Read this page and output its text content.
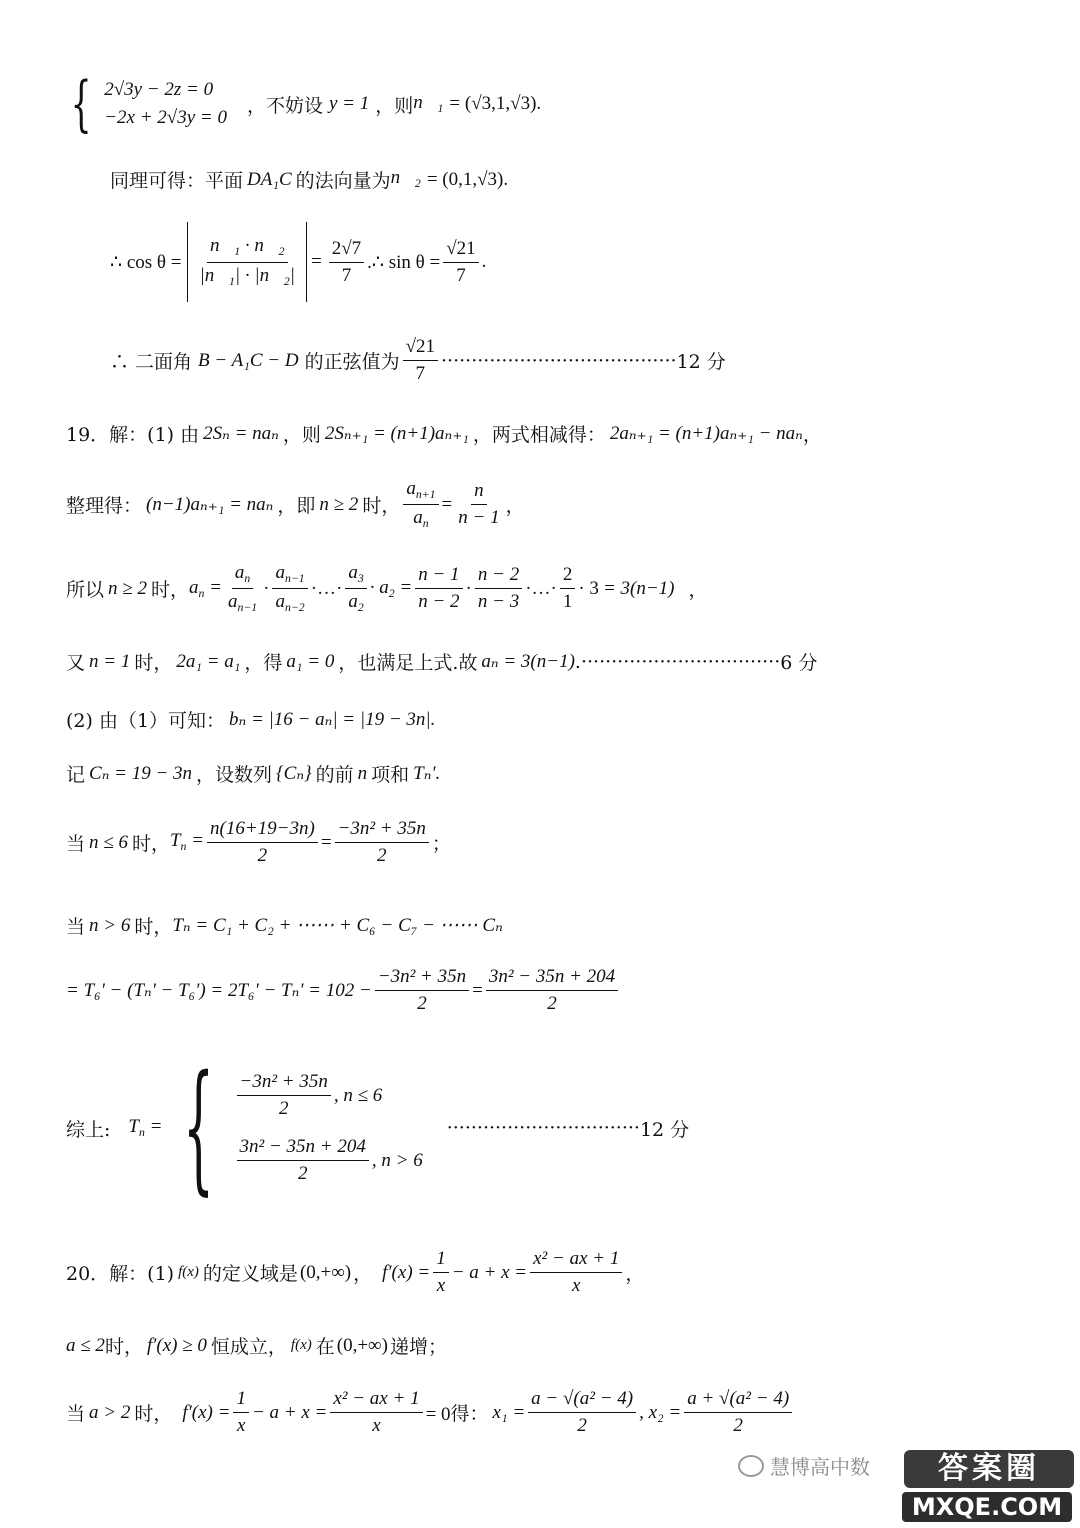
{ 2√3y − 2z = 0
−2x + 2√3y = 0
，不妨设 y = 1 ，则 $n⃗_1 = (√3,1,√3)$.
同理可得：平面 DA₁C 的法向量为 $n⃗_2 = (0,1,√3)$.
∴ $\cos \theta = \frac{n⃗_1 \cdot n⃗_2}{|n⃗_1| \cdot |n⃗_2|} = \frac{2√7}{7}$ .∴ $\sin \theta = \frac{√21}{7}$ .
∴ 二面角 B − A₁C − D 的正弦值为 $\frac{√21}{7}$ ······································· 12 分
19．解：(1) 由 2Sₙ = naₙ ，则 2Sₙ₊₁ = (n+1)aₙ₊₁ ，两式相减得： 2aₙ₊₁ = (n+1)aₙ₊₁ − naₙ ，
整理得： (n−1)aₙ₊₁ = naₙ ，即 n ≥ 2 时， $\frac{a_{n+1}}{a_n} = \frac{n}{n - 1}$ ，
所以 n ≥ 2 时， $a_n = \frac{a_n}{a_{n-1}} \cdot \frac{a_{n-1}}{a_{n-2}}$ ·…· $\frac{a_3}{a_2} \cdot a_2 = \frac{n - 1}{n - 2} \cdot \frac{n - 2}{n - 3}$ ·…· $\frac{2}{1} \cdot 3 = 3(n-1)$ ，
又 n = 1 时， 2a₁ = a₁ ，得 a₁ = 0 ，也满足上式.故 aₙ = 3(n−1) .································· 6 分
(2) 由（1）可知： bₙ = |16 − aₙ| = |19 − 3n|.
记 Cₙ = 19 − 3n ，设数列 {Cₙ} 的前 n 项和 Tₙ'.
当 n ≤ 6 时， $T_n = \frac{n(16+19-3n)}{2} = \frac{\text{−3n² + 35n}}{2}$ ；
当 n > 6 时， Tₙ = C₁ + C₂ + ⋯⋯ + C₆ − C₇ − ⋯⋯ Cₙ
= $T_6' - (T_n' - T_6') = 2T_6' - T_n' = 102 - \frac{\text{−3n² + 35n}}{2} = \frac{\text{3n² − 35n + 204}}{2}$
综上: $T_n$ = { $\frac{\text{−3n² + 35n}}{2}$ , n ≤ 6
$\frac{\text{3n² − 35n + 204}}{2}$ , n > 6
································ 12 分
20．解：(1) f(x) 的定义域是 (0,+∞) ， $f'(x) = \frac{1}{x} - a + x = \frac{\text{x² − ax + 1}}{x}$ ，
a ≤ 2 时， f′(x) ≥ 0 恒成立， f(x) 在 (0,+∞) 递增；
当 a > 2 时， $f'(x) = \frac{1}{x} - a + x = \frac{\text{x² − ax + 1}}{x} = 0$得： $x_1 = \frac{\text{a − √(a² − 4)}}{2}$ , $x_2 = \frac{\text{a + √(a² − 4)}}{2}$
慧博高中数	答案圈
MXQE.COM
